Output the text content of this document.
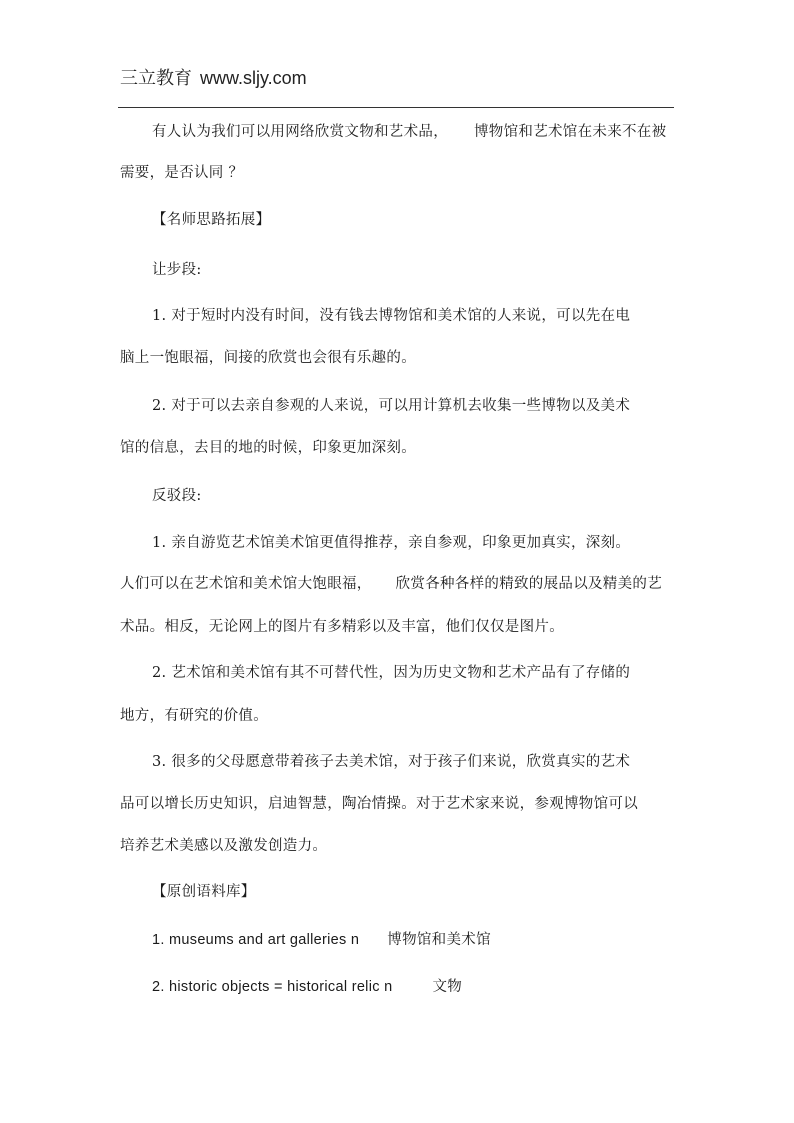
三立教育 www.sljy.com
有人认为我们可以用网络欣赏文物和艺术品， 博物馆和艺术馆在未来不在被
需要，是否认同 ？
【名师思路拓展】
让步段:
1. 对于短时内没有时间，没有钱去博物馆和美术馆的人来说，可以先在电
脑上一饱眼福，间接的欣赏也会很有乐趣的。
2. 对于可以去亲自参观的人来说，可以用计算机去收集一些博物以及美术
馆的信息，去目的地的时候，印象更加深刻。
反驳段:
1. 亲自游览艺术馆美术馆更值得推荐，亲自参观，印象更加真实，深刻。
人们可以在艺术馆和美术馆大饱眼福， 欣赏各种各样的精致的展品以及精美的艺
术品。相反，无论网上的图片有多精彩以及丰富，他们仅仅是图片。
2. 艺术馆和美术馆有其不可替代性，因为历史文物和艺术产品有了存储的
地方，有研究的价值。
3. 很多的父母愿意带着孩子去美术馆，对于孩子们来说，欣赏真实的艺术
品可以增长历史知识，启迪智慧，陶冶情操。对于艺术家来说，参观博物馆可以
培养艺术美感以及激发创造力。
【原创语料库】
1. museums and art galleries n 博物馆和美术馆
2. historic objects = historical relic n	文物
